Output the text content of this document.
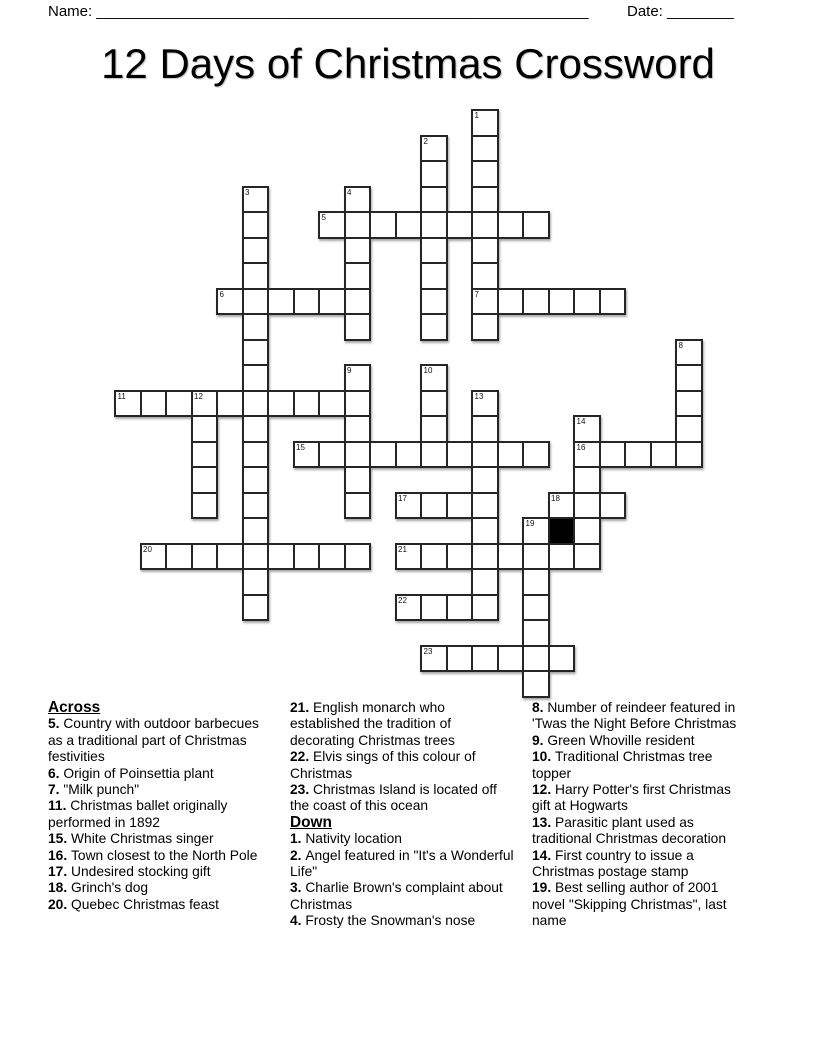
Name: ___________________________________________________________	Date: ________
12 Days of Christmas Crossword
5
6	7
11	12
15	16
17	18
20	21
22
23
1
2
3	4
8
9	10
13
14
19
Across
5. Country with outdoor barbecues as a traditional part of Christmas festivities
6. Origin of Poinsettia plant
7. "Milk punch"
11. Christmas ballet originally performed in 1892
15. White Christmas singer
16. Town closest to the North Pole
17. Undesired stocking gift
18. Grinch's dog
20. Quebec Christmas feast
21. English monarch who established the tradition of decorating Christmas trees
22. Elvis sings of this colour of Christmas
23. Christmas Island is located off the coast of this ocean
Down
1. Nativity location
2. Angel featured in "It's a Wonderful Life"
3. Charlie Brown's complaint about Christmas
4. Frosty the Snowman's nose
8. Number of reindeer featured in 'Twas the Night Before Christmas
9. Green Whoville resident
10. Traditional Christmas tree topper
12. Harry Potter's first Christmas gift at Hogwarts
13. Parasitic plant used as traditional Christmas decoration
14. First country to issue a Christmas postage stamp
19. Best selling author of 2001 novel "Skipping Christmas", last name
